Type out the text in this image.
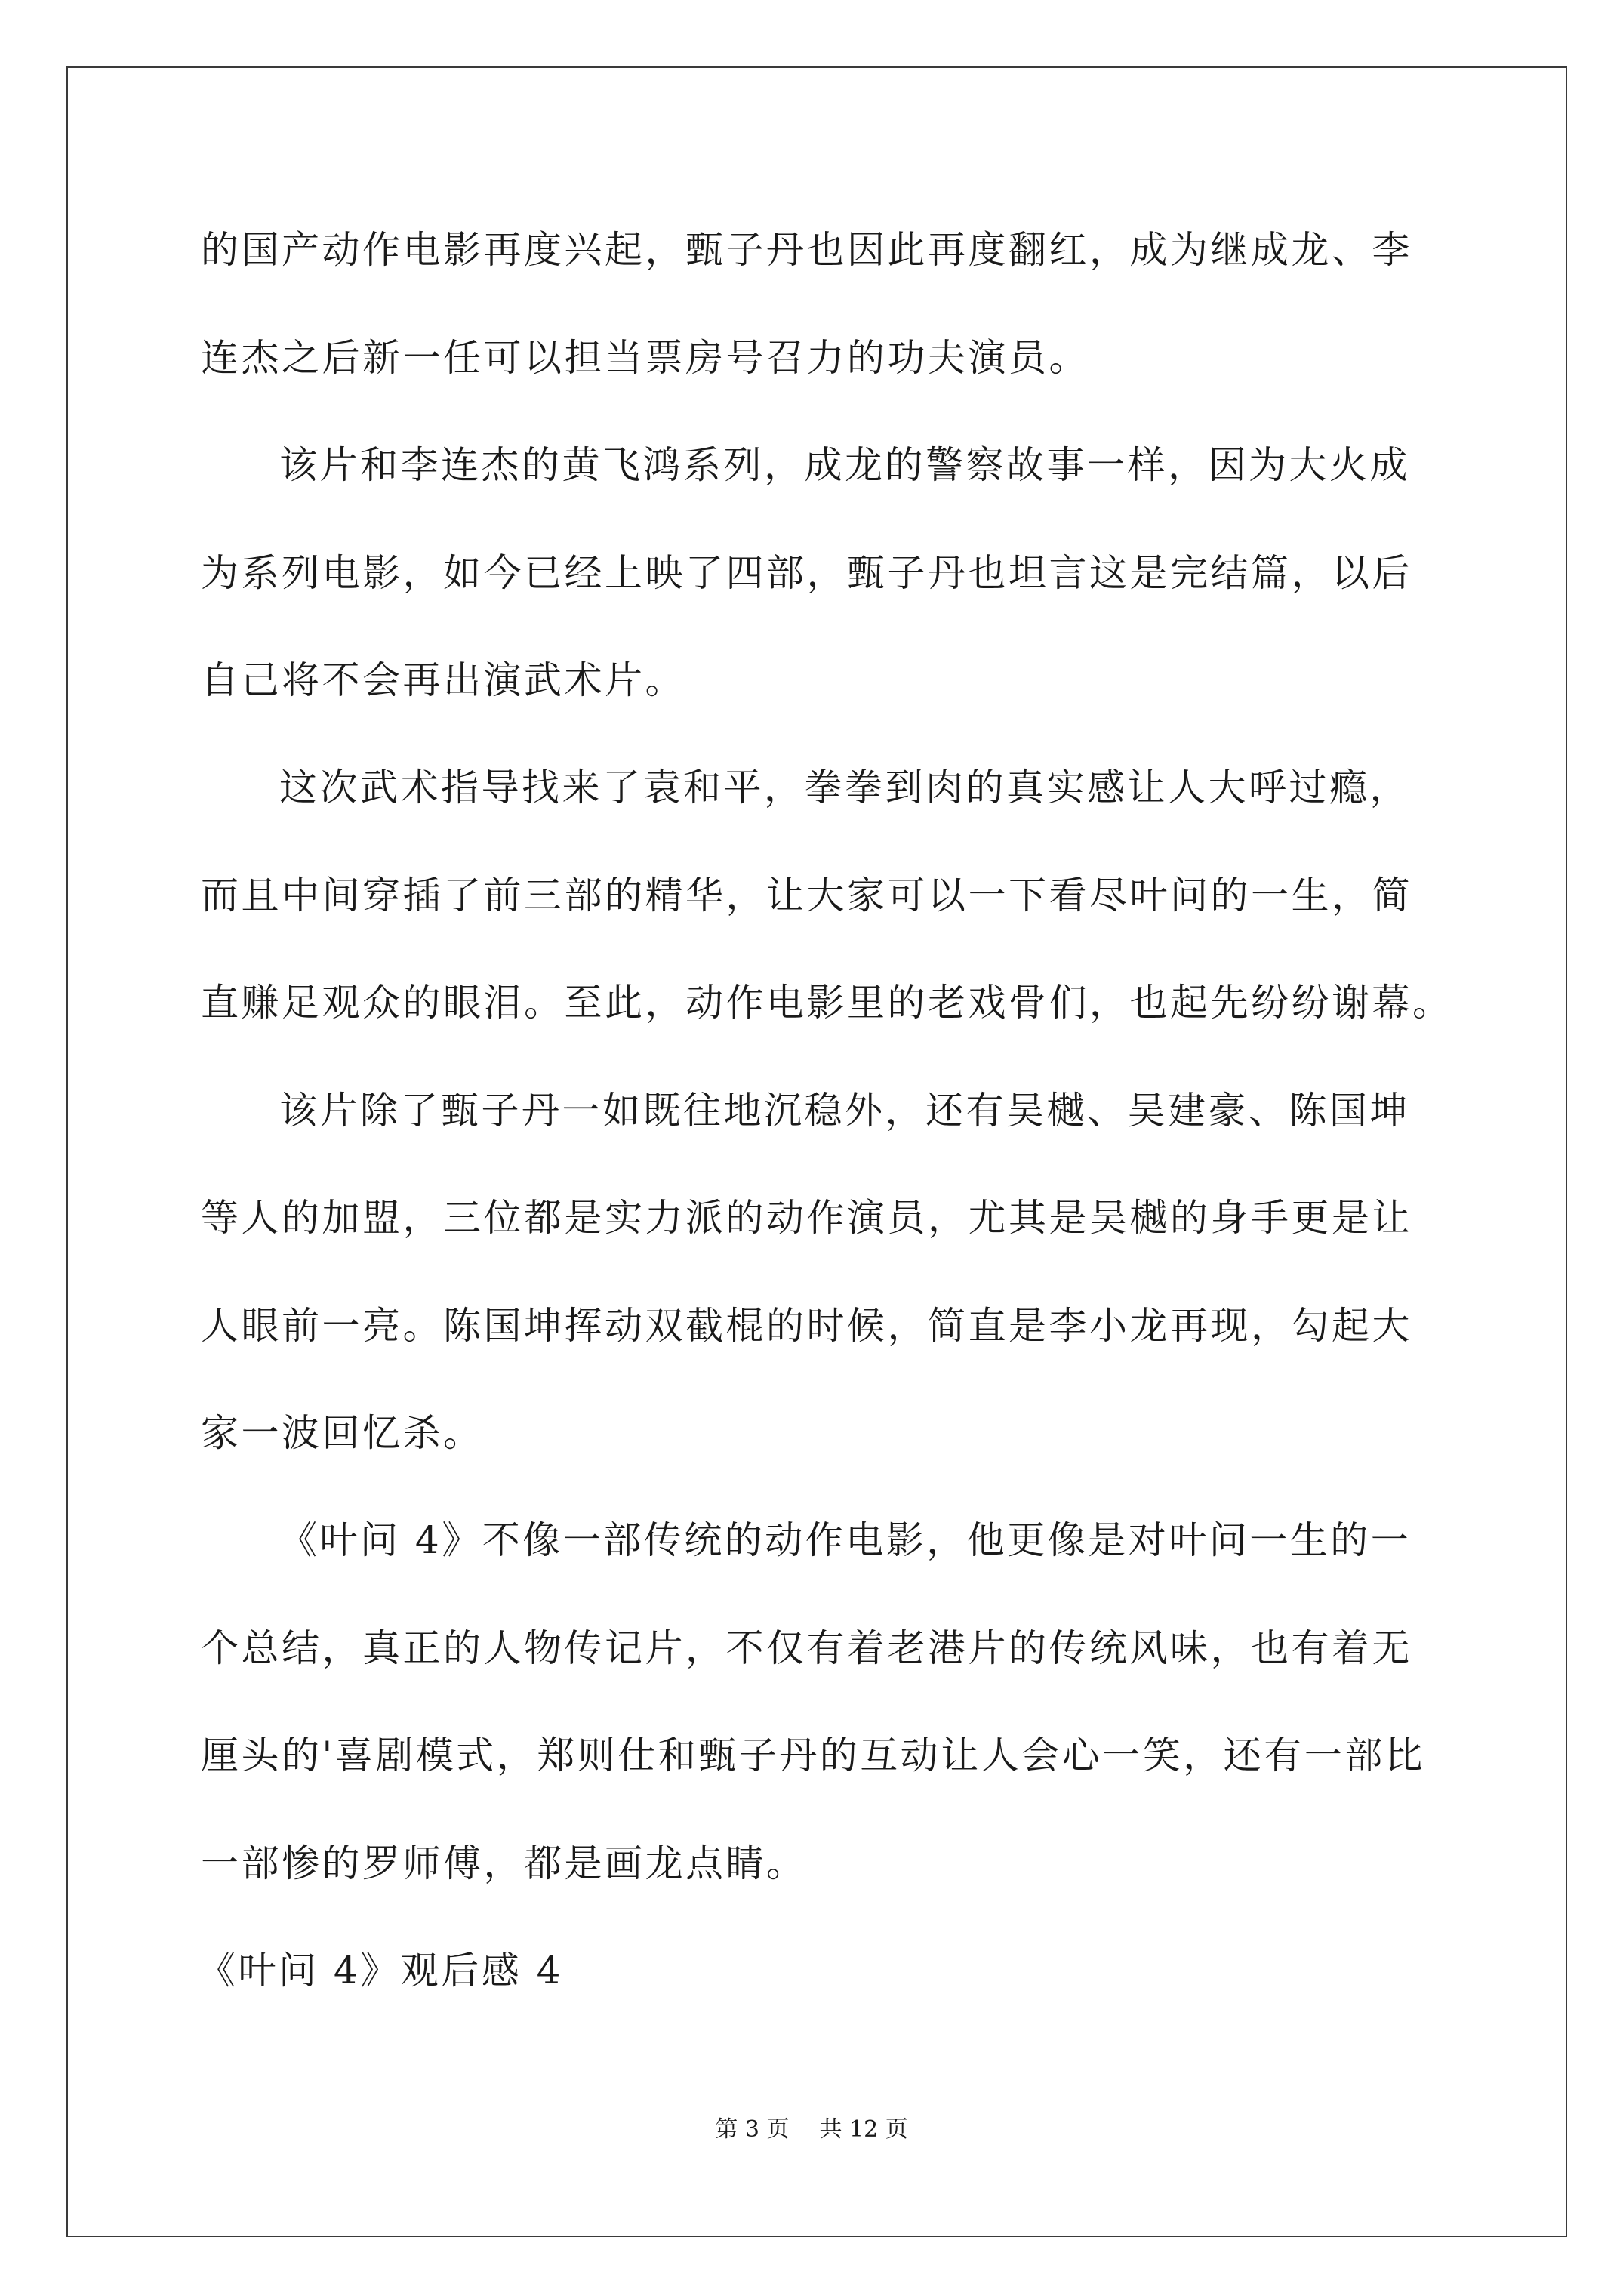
的国产动作电影再度兴起，甄子丹也因此再度翻红，成为继成龙、李
连杰之后新一任可以担当票房号召力的功夫演员。
该片和李连杰的黄飞鸿系列，成龙的警察故事一样，因为大火成
为系列电影，如今已经上映了四部，甄子丹也坦言这是完结篇，以后
自己将不会再出演武术片。
这次武术指导找来了袁和平，拳拳到肉的真实感让人大呼过瘾，
而且中间穿插了前三部的精华，让大家可以一下看尽叶问的一生，简
直赚足观众的眼泪。至此，动作电影里的老戏骨们，也起先纷纷谢幕。
该片除了甄子丹一如既往地沉稳外，还有吴樾、吴建豪、陈国坤
等人的加盟，三位都是实力派的动作演员，尤其是吴樾的身手更是让
人眼前一亮。陈国坤挥动双截棍的时候，简直是李小龙再现，勾起大
家一波回忆杀。
《叶问 4》不像一部传统的动作电影，他更像是对叶问一生的一
个总结，真正的人物传记片，不仅有着老港片的传统风味，也有着无
厘头的'喜剧模式，郑则仕和甄子丹的互动让人会心一笑，还有一部比
一部惨的罗师傅，都是画龙点睛。
《叶问 4》观后感 4
第 3 页 共 12 页
